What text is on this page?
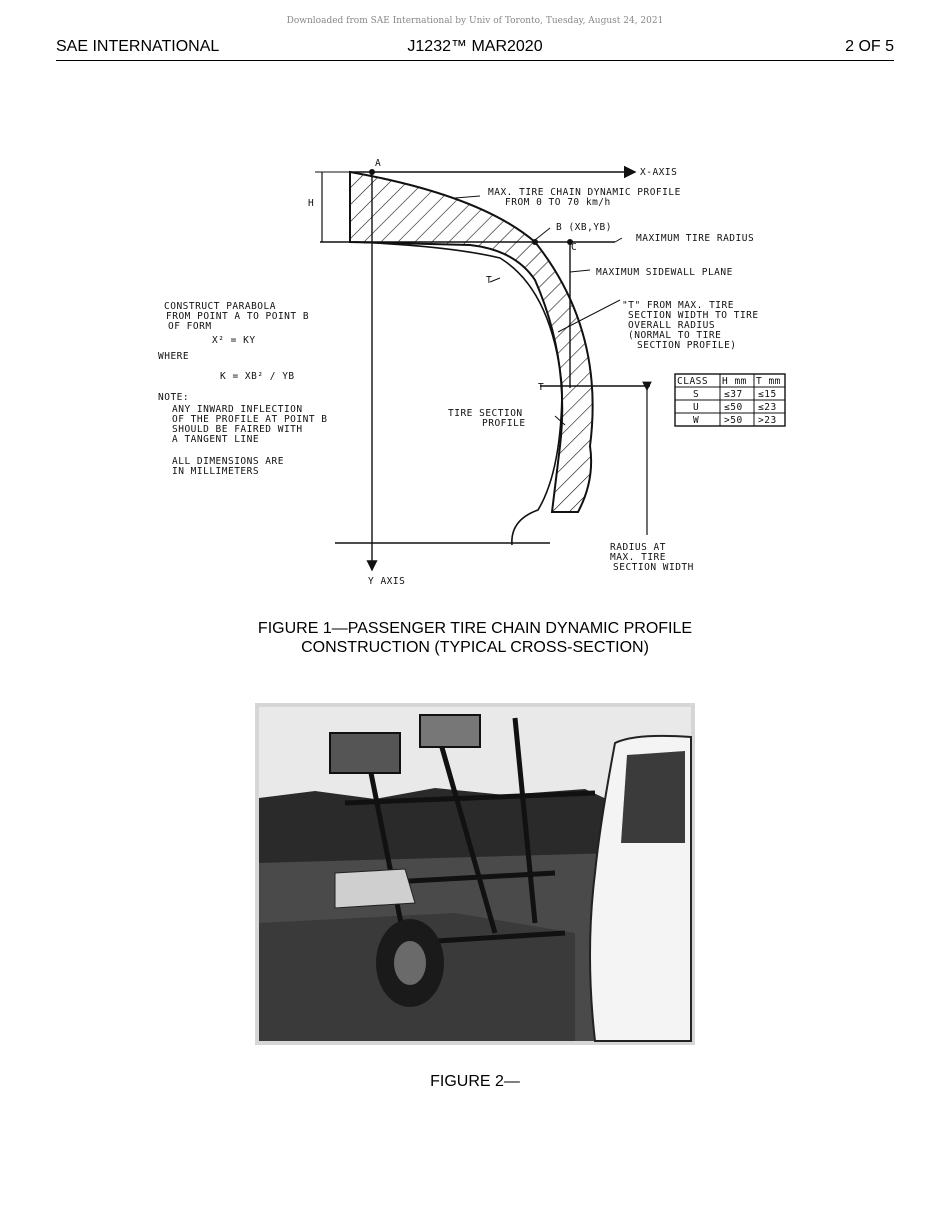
Downloaded from SAE International by Univ of Toronto, Tuesday, August 24, 2021
SAE INTERNATIONAL	J1232™ MAR2020	2 OF 5
A
X-AXIS
H
MAX. TIRE CHAIN DYNAMIC PROFILE
FROM 0 TO 70 km/h
B (XB,YB)
C
MAXIMUM TIRE RADIUS
MAXIMUM SIDEWALL PLANE
T
"T" FROM MAX. TIRE
SECTION WIDTH TO TIRE
OVERALL RADIUS
(NORMAL TO TIRE
SECTION PROFILE)
CONSTRUCT PARABOLA
FROM POINT A TO POINT B
OF FORM
X² = KY
WHERE
K = XB² / YB
NOTE:
ANY INWARD INFLECTION
OF THE PROFILE AT POINT B
SHOULD BE FAIRED WITH
A TANGENT LINE
ALL DIMENSIONS ARE
IN MILLIMETERS
T
TIRE SECTION
PROFILE
RADIUS AT
MAX. TIRE
SECTION WIDTH
Y AXIS
CLASS H mm T mm
S	≤37 ≤15
U	≤50 ≤23
W	>50 >23
FIGURE 1—PASSENGER TIRE CHAIN DYNAMIC PROFILE
CONSTRUCTION (TYPICAL CROSS-SECTION)
FIGURE 2—
